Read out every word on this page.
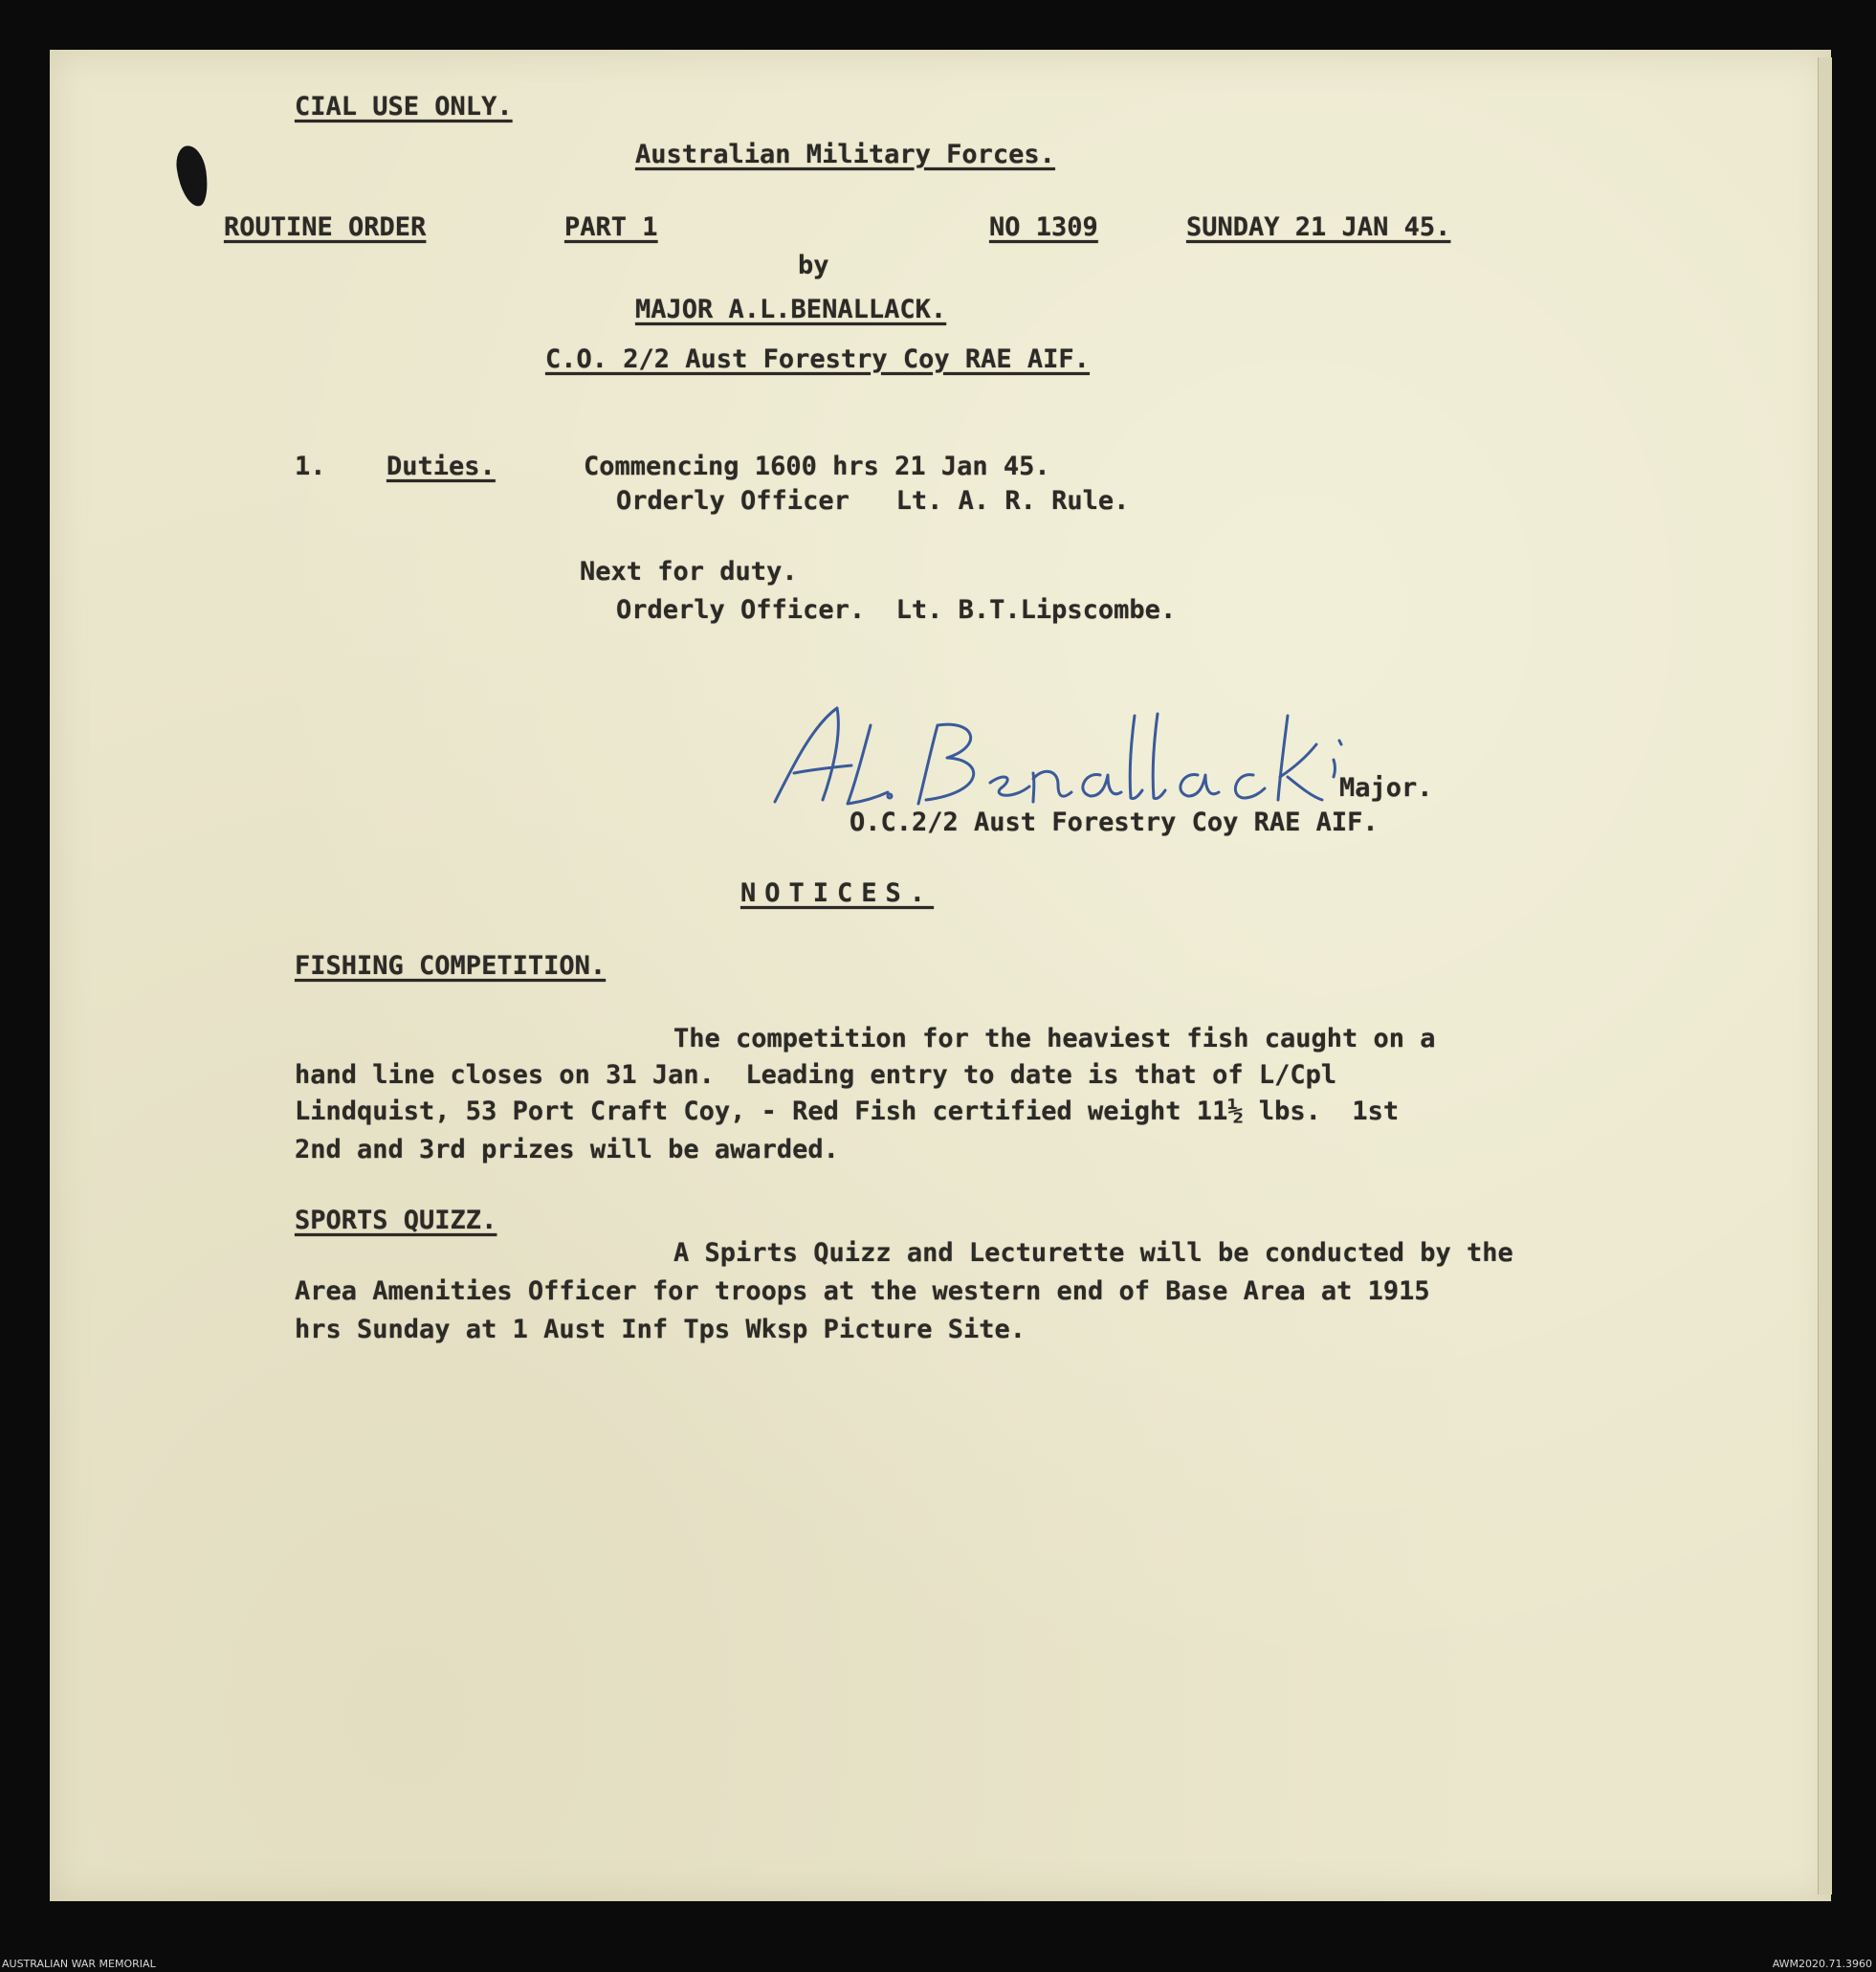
CIAL USE ONLY.
Australian Military Forces.
ROUTINE ORDER	PART 1	NO 1309	SUNDAY 21 JAN 45.
by
MAJOR A.L.BENALLACK.
C.O. 2/2 Aust Forestry Coy RAE AIF.
1. Duties.	Commencing 1600 hrs 21 Jan 45.
Orderly Officer   Lt. A. R. Rule.
Next for duty.
Orderly Officer.  Lt. B.T.Lipscombe.
Major.
O.C.2/2 Aust Forestry Coy RAE AIF.
NOTICES.
FISHING COMPETITION.
The competition for the heaviest fish caught on a
hand line closes on 31 Jan.  Leading entry to date is that of L/Cpl
Lindquist, 53 Port Craft Coy, - Red Fish certified weight 11½ lbs.  1st
2nd and 3rd prizes will be awarded.
SPORTS QUIZZ.
A Spirts Quizz and Lecturette will be conducted by the
Area Amenities Officer for troops at the western end of Base Area at 1915
hrs Sunday at 1 Aust Inf Tps Wksp Picture Site.
AUSTRALIAN WAR MEMORIAL	AWM2020.71.3960
